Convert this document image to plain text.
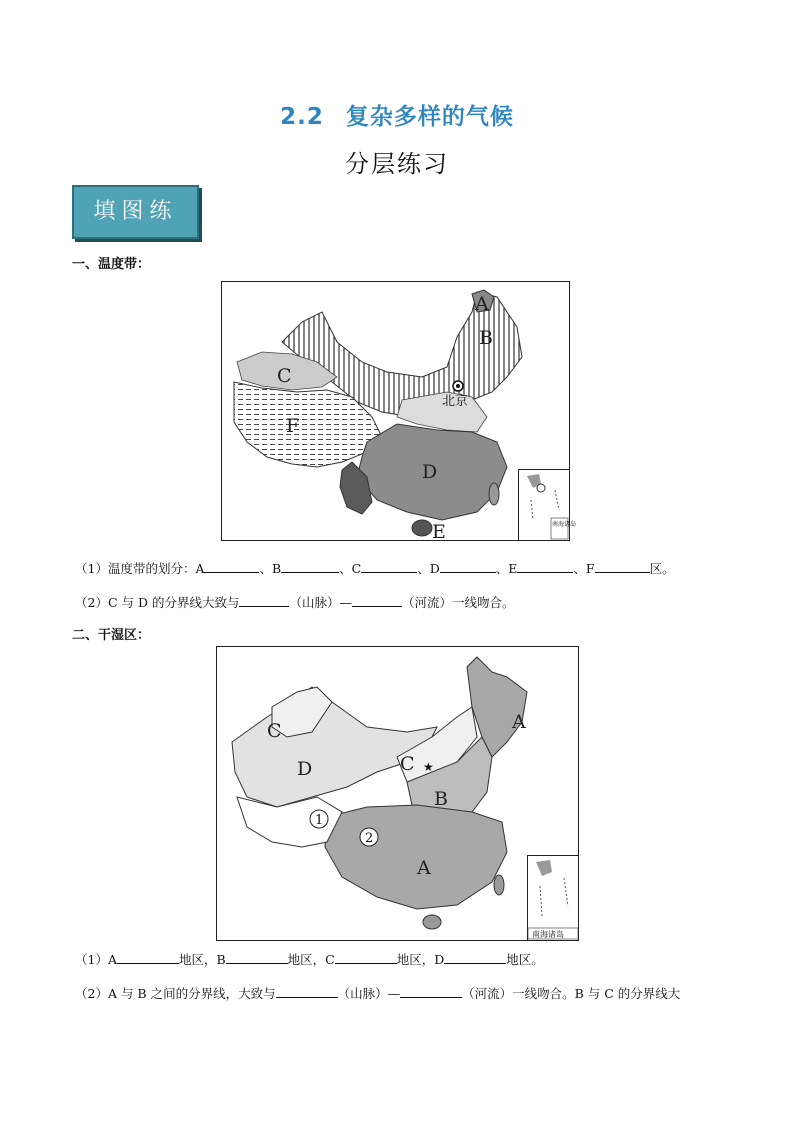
2.2 复杂多样的气候
分层练习
填图练
一、温度带：
A
B
C
D
E
F
北京
南海诸岛
（1）温度带的划分：A	、B	、C	、D	、E	、F	区。
（2）C 与 D 的分界线大致与	（山脉）—	（河流）一线吻合。
二、干湿区：
★
1
2
A
A
B
C
C
D
南海诸岛
（1）A	地区，B	地区，C	地区，D	地区。
（2）A 与 B 之间的分界线，大致与	（山脉）—	（河流）一线吻合。B 与 C 的分界线大
